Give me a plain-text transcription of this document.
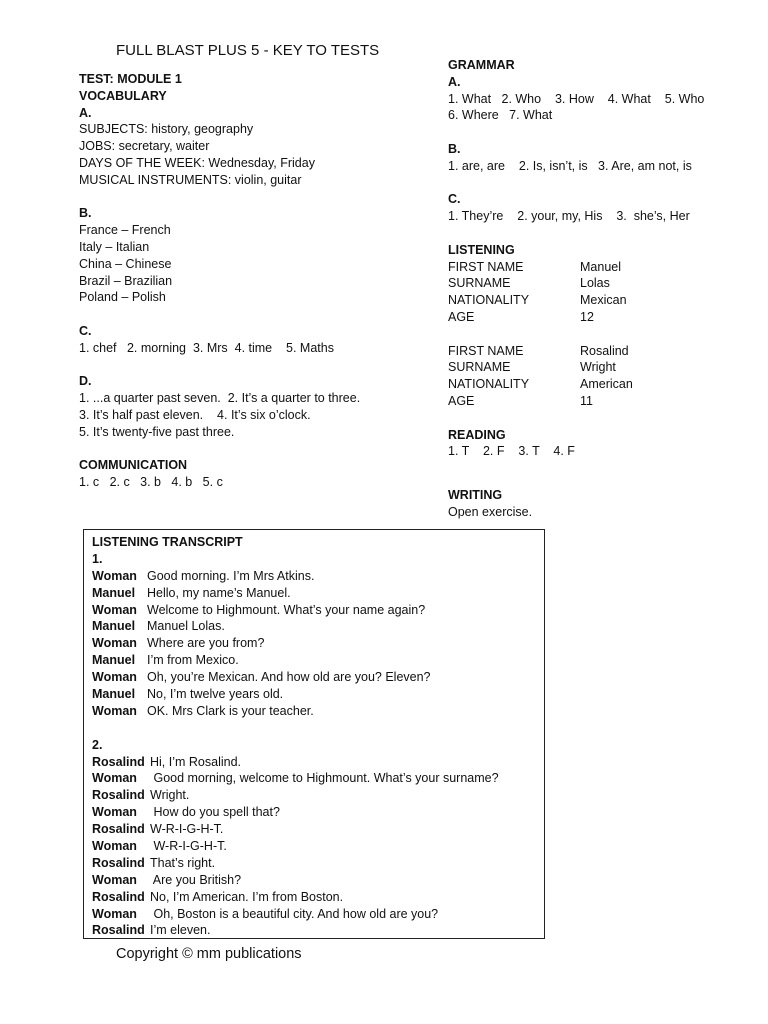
FULL BLAST PLUS 5 - KEY TO TESTS
TEST: MODULE 1
VOCABULARY
A.
SUBJECTS: history, geography
JOBS: secretary, waiter
DAYS OF THE WEEK: Wednesday, Friday
MUSICAL INSTRUMENTS: violin, guitar
B.
France – French
Italy – Italian
China – Chinese
Brazil – Brazilian
Poland – Polish
C.
1. chef   2. morning  3. Mrs  4. time    5. Maths
D.
1. ...a quarter past seven.  2. It’s a quarter to three.
3. It’s half past eleven.    4. It’s six o’clock.
5. It’s twenty-five past three.
COMMUNICATION
1. c   2. c   3. b   4. b   5. c
GRAMMAR
A.
1. What   2. Who    3. How    4. What    5. Who
6. Where   7. What
B.
1. are, are    2. Is, isn’t, is   3. Are, am not, is
C.
1. They’re    2. your, my, His    3.  she’s, Her
LISTENING
FIRST NAME	Manuel
SURNAME	Lolas
NATIONALITY	Mexican
AGE	12
FIRST NAME	Rosalind
SURNAME	Wright
NATIONALITY	American
AGE	11
READING
1. T    2. F    3. T    4. F
WRITING
Open exercise.
LISTENING TRANSCRIPT
1.
Woman Good morning. I’m Mrs Atkins.
Manuel Hello, my name’s Manuel.
Woman Welcome to Highmount. What’s your name again?
Manuel Manuel Lolas.
Woman Where are you from?
Manuel I’m from Mexico.
Woman Oh, you’re Mexican. And how old are you? Eleven?
Manuel No, I’m twelve years old.
Woman OK. Mrs Clark is your teacher.
2.
Rosalind Hi, I’m Rosalind.
Woman	Good morning, welcome to Highmount. What’s your surname?
Rosalind Wright.
Woman	How do you spell that?
Rosalind W-R-I-G-H-T.
Woman	W-R-I-G-H-T.
Rosalind That’s right.
Woman	Are you British?
Rosalind No, I’m American. I’m from Boston.
Woman	Oh, Boston is a beautiful city. And how old are you?
Rosalind I’m eleven.
Copyright © mm publications
